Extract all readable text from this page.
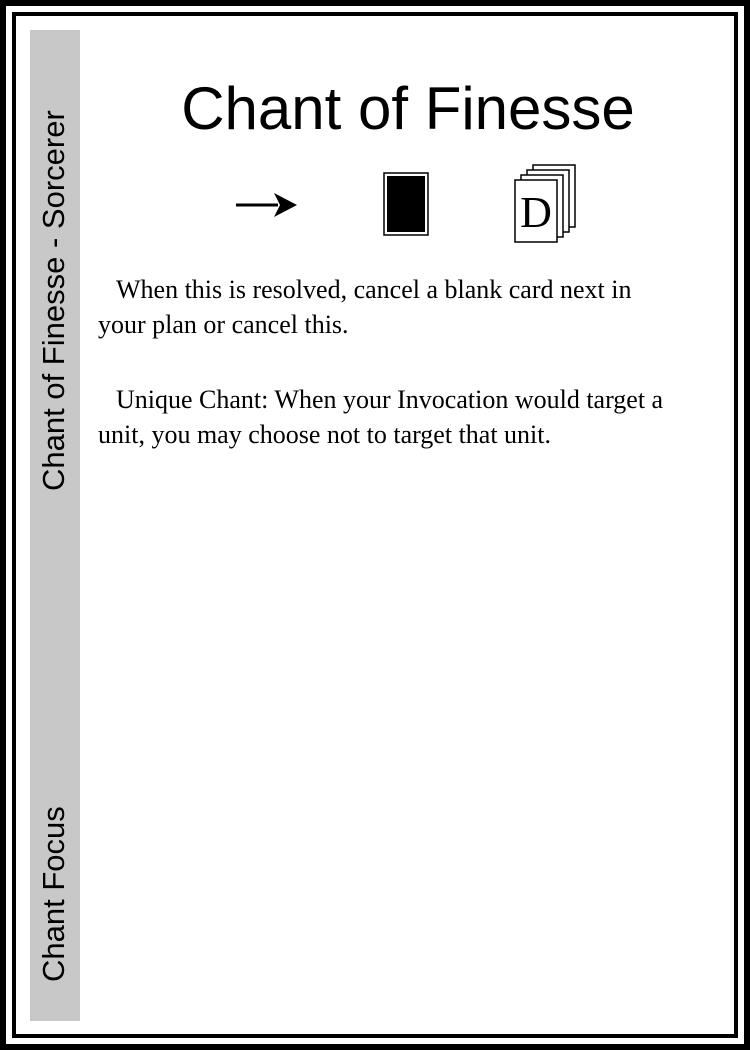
Chant of Finesse - Sorcerer
Chant Focus
Chant of Finesse
D

When this is resolved, cancel a blank card next in your plan or cancel this.

Unique Chant: When your Invocation would target a unit, you may choose not to target that unit.
